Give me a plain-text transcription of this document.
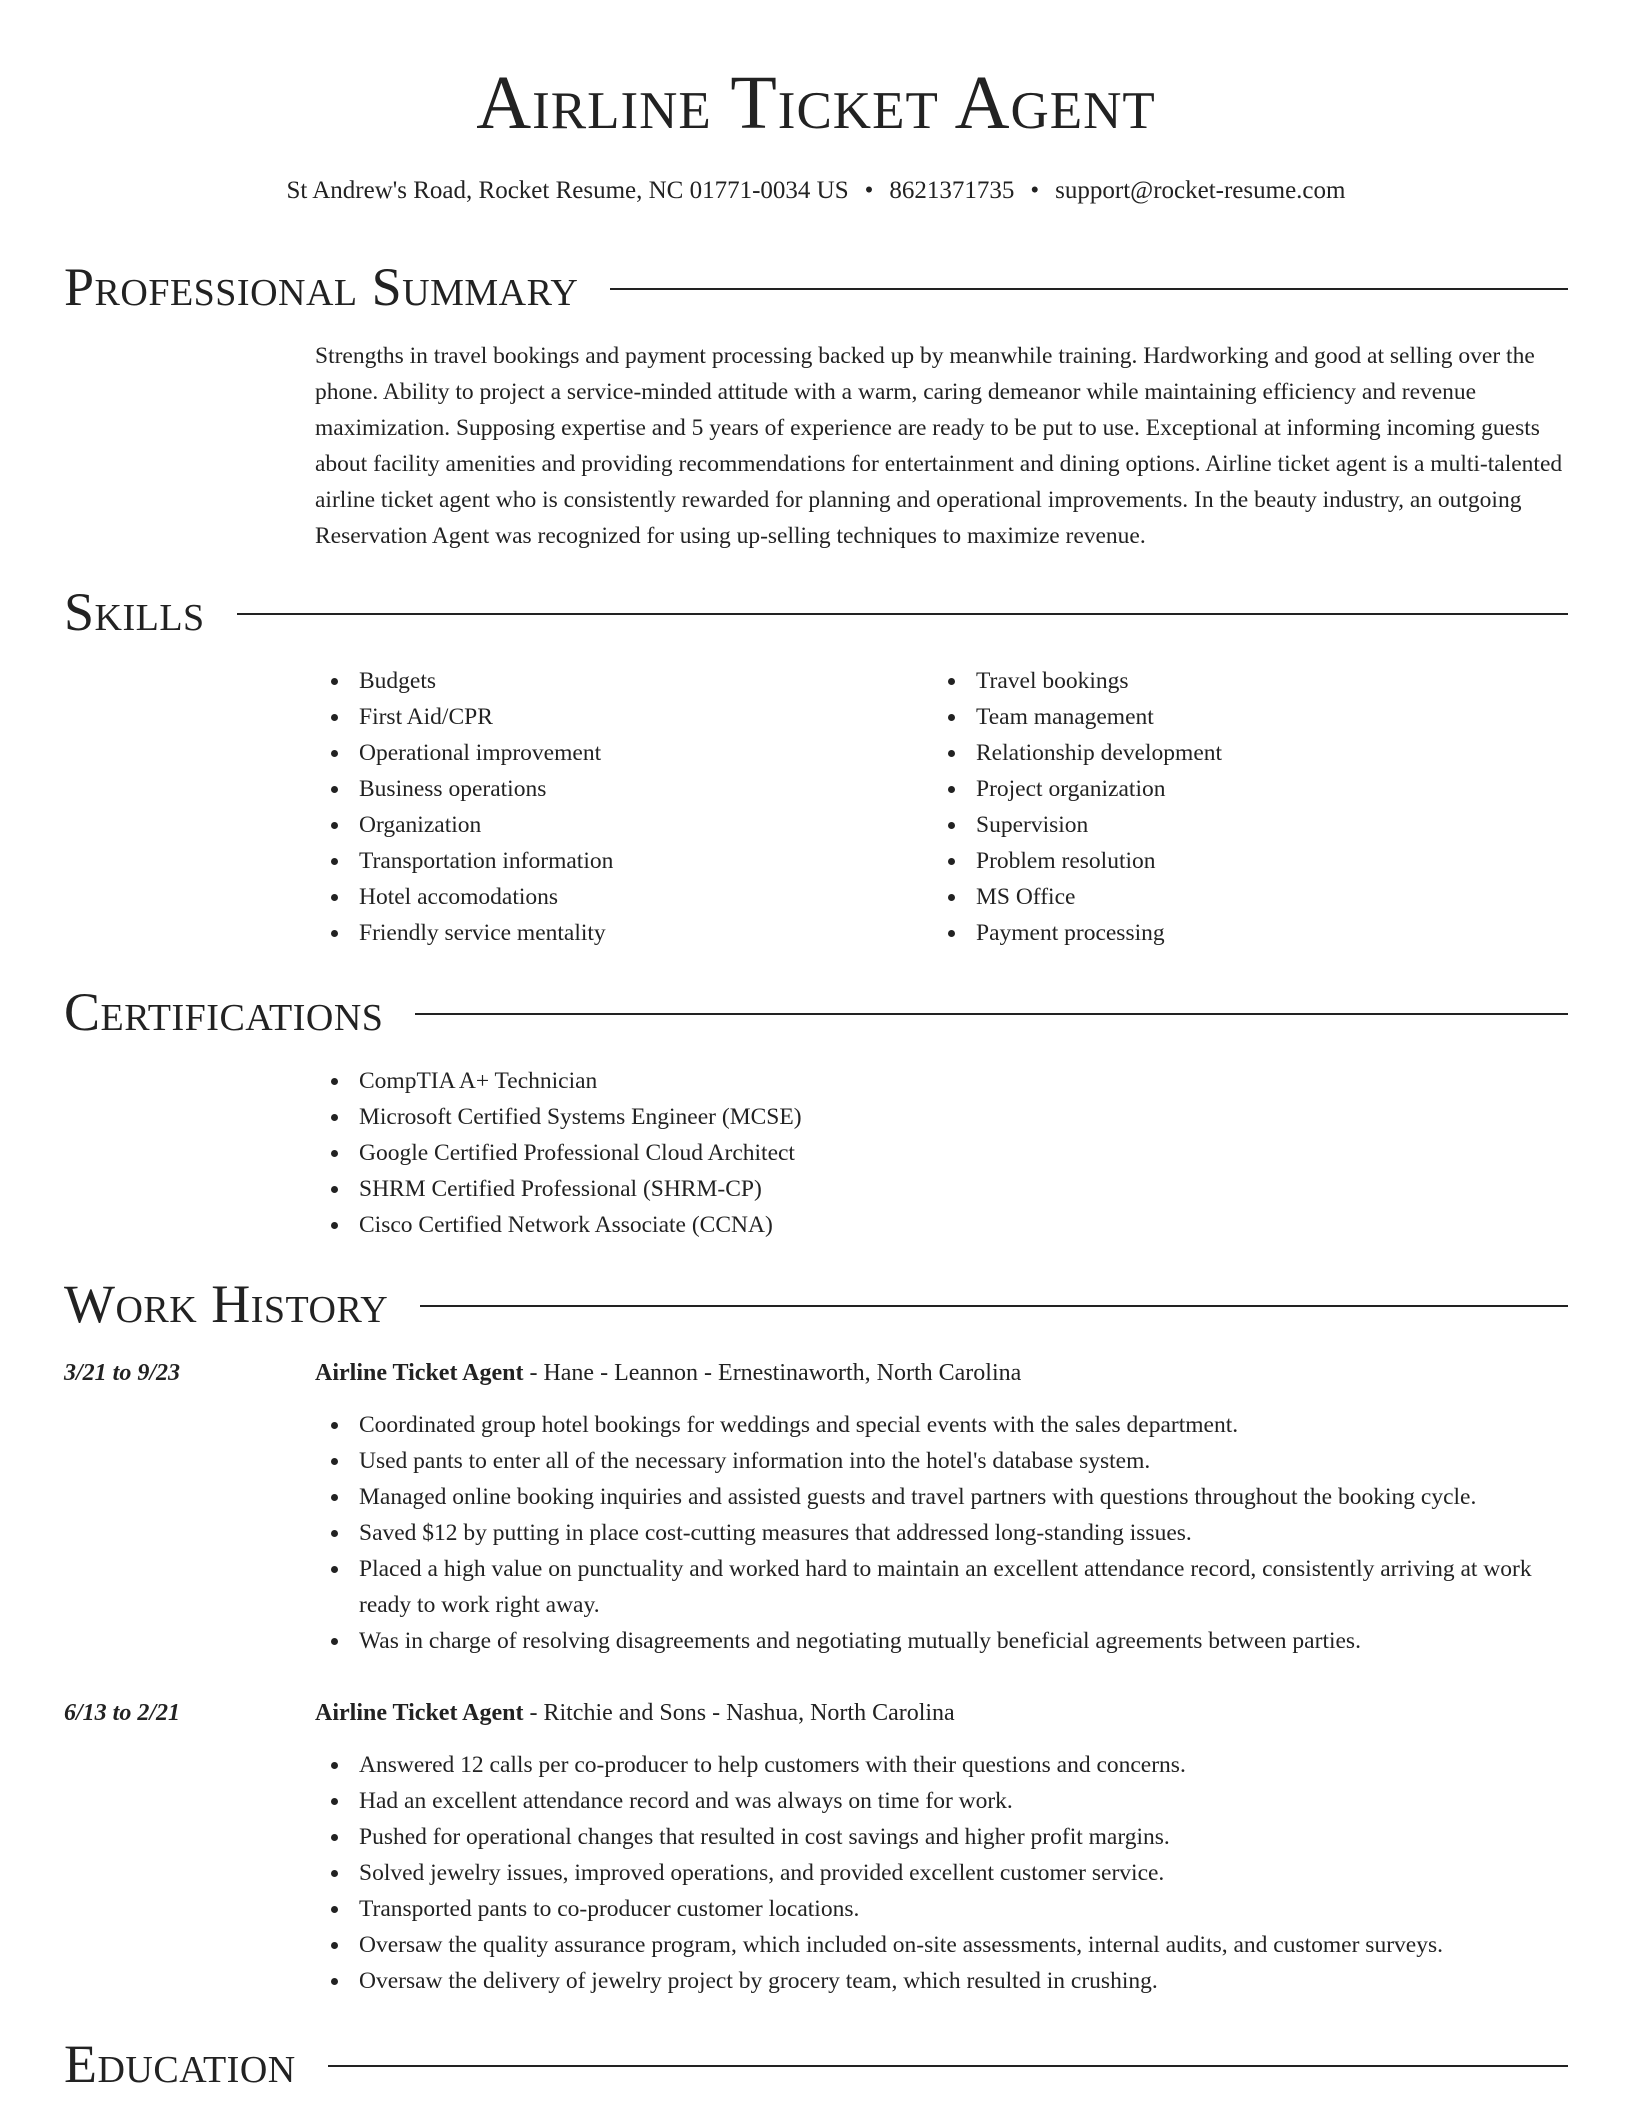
Airline Ticket Agent
St Andrew's Road, Rocket Resume, NC 01771-0034 US • 8621371735 • support@rocket-resume.com
Professional Summary

Strengths in travel bookings and payment processing backed up by meanwhile training. Hardworking and good at selling over the phone. Ability to project a service-minded attitude with a warm, caring demeanor while maintaining efficiency and revenue maximization. Supposing expertise and 5 years of experience are ready to be put to use. Exceptional at informing incoming guests about facility amenities and providing recommendations for entertainment and dining options. Airline ticket agent is a multi-talented airline ticket agent who is consistently rewarded for planning and operational improvements. In the beauty industry, an outgoing Reservation Agent was recognized for using up-selling techniques to maximize revenue.

Skills
Budgets
First Aid/CPR
Operational improvement
Business operations
Organization
Transportation information
Hotel accomodations
Friendly service mentality
Travel bookings
Team management
Relationship development
Project organization
Supervision
Problem resolution
MS Office
Payment processing
Certifications
CompTIA A+ Technician
Microsoft Certified Systems Engineer (MCSE)
Google Certified Professional Cloud Architect
SHRM Certified Professional (SHRM-CP)
Cisco Certified Network Associate (CCNA)
Work History
3/21 to 9/23	Airline Ticket Agent - Hane - Leannon - Ernestinaworth, North Carolina
Coordinated group hotel bookings for weddings and special events with the sales department.
Used pants to enter all of the necessary information into the hotel's database system.
Managed online booking inquiries and assisted guests and travel partners with questions throughout the booking cycle.
Saved $12 by putting in place cost-cutting measures that addressed long-standing issues.
Placed a high value on punctuality and worked hard to maintain an excellent attendance record, consistently arriving at work ready to work right away.
Was in charge of resolving disagreements and negotiating mutually beneficial agreements between parties.
6/13 to 2/21	Airline Ticket Agent - Ritchie and Sons - Nashua, North Carolina
Answered 12 calls per co-producer to help customers with their questions and concerns.
Had an excellent attendance record and was always on time for work.
Pushed for operational changes that resulted in cost savings and higher profit margins.
Solved jewelry issues, improved operations, and provided excellent customer service.
Transported pants to co-producer customer locations.
Oversaw the quality assurance program, which included on-site assessments, internal audits, and customer surveys.
Oversaw the delivery of jewelry project by grocery team, which resulted in crushing.
Education
